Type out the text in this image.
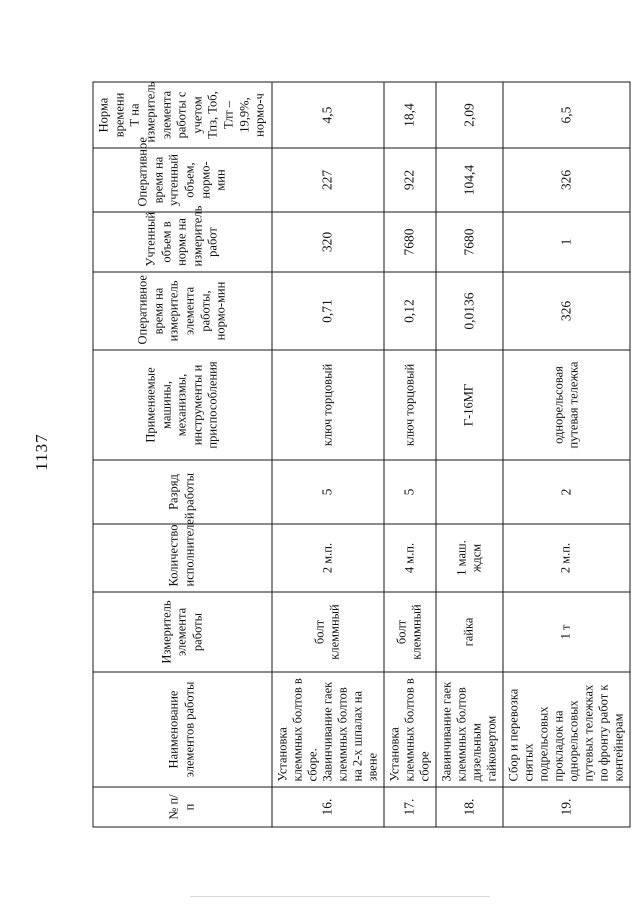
1137
№ п/п	Наименование элементов работы	Измеритель элемента работы	Количество исполнителей	Разряд работы	Применяемые машины, механизмы, инструменты и приспособления	Оперативное время на измеритель элемента работы, нормо-мин	Учтенный объем в норме на измеритель работ	Оперативное время на учтенный объем, нормо-мин	Норма времени Т на измеритель элемента работы с учетом Тпз, Тоб, Тлт – 19,9%, нормо-ч
16.	Установка клеммных болтов в сборе. Завинчивание гаек клеммных болтов на 2-х шпалах на звене	болт клеммный	2 м.п.	5	ключ торцовый	0,71	320	227	4,5
17.	Установка клеммных болтов в сборе	болт клеммный	4 м.п.	5	ключ торцовый	0,12	7680	922	18,4
18.	Завинчивание гаек клеммных болтов дизельным гайковертом	гайка	1 маш. ждсм		Г-16МГ	0,0136	7680	104,4	2,09
19.	Сбор и перевозка снятых подрельсовых прокладок на однорельсовых путевых тележках по фронту работ к контейнерам	1 т	2 м.п.	2	однорельсовая путевая тележка	326	1	326	6,5
